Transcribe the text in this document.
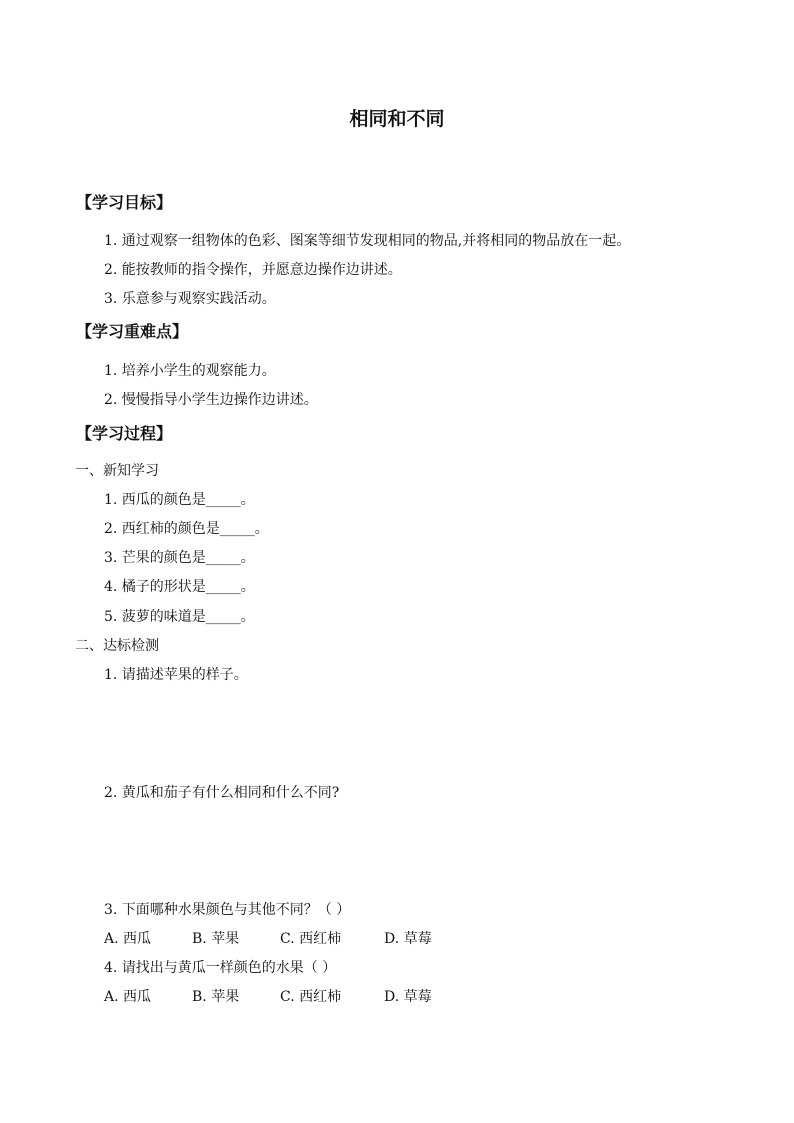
相同和不同
【学习目标】
1. 通过观察一组物体的色彩、图案等细节发现相同的物品,并将相同的物品放在一起。
2. 能按教师的指令操作，并愿意边操作边讲述。
3. 乐意参与观察实践活动。
【学习重难点】
1. 培养小学生的观察能力。
2. 慢慢指导小学生边操作边讲述。
【学习过程】
一、新知学习
1. 西瓜的颜色是_____。
2. 西红柿的颜色是_____。
3. 芒果的颜色是_____。
4. 橘子的形状是_____。
5. 菠萝的味道是_____。
二、达标检测
1. 请描述苹果的样子。
2. 黄瓜和茄子有什么相同和什么不同?
3. 下面哪种水果颜色与其他不同？（ ）
A. 西瓜	B. 苹果	C. 西红柿	D. 草莓
4. 请找出与黄瓜一样颜色的水果（ ）
A. 西瓜	B. 苹果	C. 西红柿	D. 草莓
